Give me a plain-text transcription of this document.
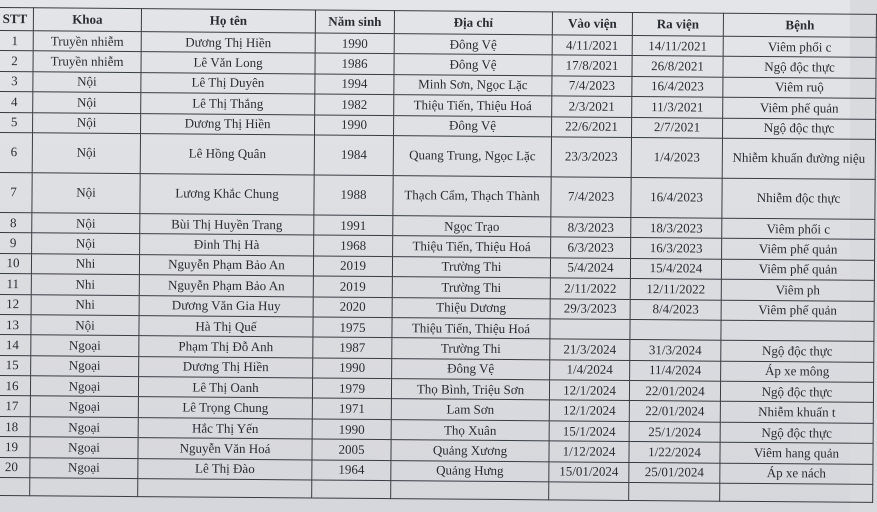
STT	Khoa	Họ tên	Năm sinh	Địa chỉ	Vào viện	Ra viện	Bệnh
1	Truyền nhiễm	Dương Thị Hiền	1990	Đông Vệ	4/11/2021	14/11/2021	Viêm phổi c
2	Truyền nhiễm	Lê Văn Long	1986	Đông Vệ	17/8/2021	26/8/2021	Ngộ độc thực
3	Nội	Lê Thị Duyên	1994	Minh Sơn, Ngọc Lặc	7/4/2023	16/4/2023	Viêm ruộ
4	Nội	Lê Thị Thắng	1982	Thiệu Tiến, Thiệu Hoá	2/3/2021	11/3/2021	Viêm phế quản
5	Nội	Dương Thị Hiền	1990	Đông Vệ	22/6/2021	2/7/2021	Ngộ độc thực
6	Nội	Lê Hồng Quân	1984	Quang Trung, Ngọc Lặc	23/3/2023	1/4/2023	Nhiễm khuẩn đường niệu
7	Nội	Lương Khắc Chung	1988	Thạch Cẩm, Thạch Thành	7/4/2023	16/4/2023	Nhiễm độc thực
8	Nội	Bùi Thị Huyền Trang	1991	Ngọc Trạo	8/3/2023	18/3/2023	Viêm phổi c
9	Nội	Đinh Thị Hà	1968	Thiệu Tiến, Thiệu Hoá	6/3/2023	16/3/2023	Viêm phế quản
10	Nhi	Nguyễn Phạm Bảo An	2019	Trường Thi	5/4/2024	15/4/2024	Viêm phế quản
11	Nhi	Nguyễn Phạm Bảo An	2019	Trường Thi	2/11/2022	12/11/2022	Viêm ph
12	Nhi	Dương Văn Gia Huy	2020	Thiệu Dương	29/3/2023	8/4/2023	Viêm phế quản
13	Nội	Hà Thị Quế	1975	Thiệu Tiến, Thiệu Hoá			
14	Ngoại	Phạm Thị Đỗ Anh	1987	Trường Thi	21/3/2024	31/3/2024	Ngộ độc thực
15	Ngoại	Dương Thị Hiền	1990	Đông Vệ	1/4/2024	11/4/2024	Áp xe mông
16	Ngoại	Lê Thị Oanh	1979	Thọ Bình, Triệu Sơn	12/1/2024	22/01/2024	Ngộ độc thực
17	Ngoại	Lê Trọng Chung	1971	Lam Sơn	12/1/2024	22/01/2024	Nhiễm khuẩn t
18	Ngoại	Hắc Thị Yến	1990	Thọ Xuân	15/1/2024	25/1/2024	Ngộ độc thực
19	Ngoại	Nguyễn Văn Hoá	2005	Quảng Xương	1/12/2024	1/22/2024	Viêm hang quản
20	Ngoại	Lê Thị Đào	1964	Quảng Hưng	15/01/2024	25/01/2024	Áp xe nách
